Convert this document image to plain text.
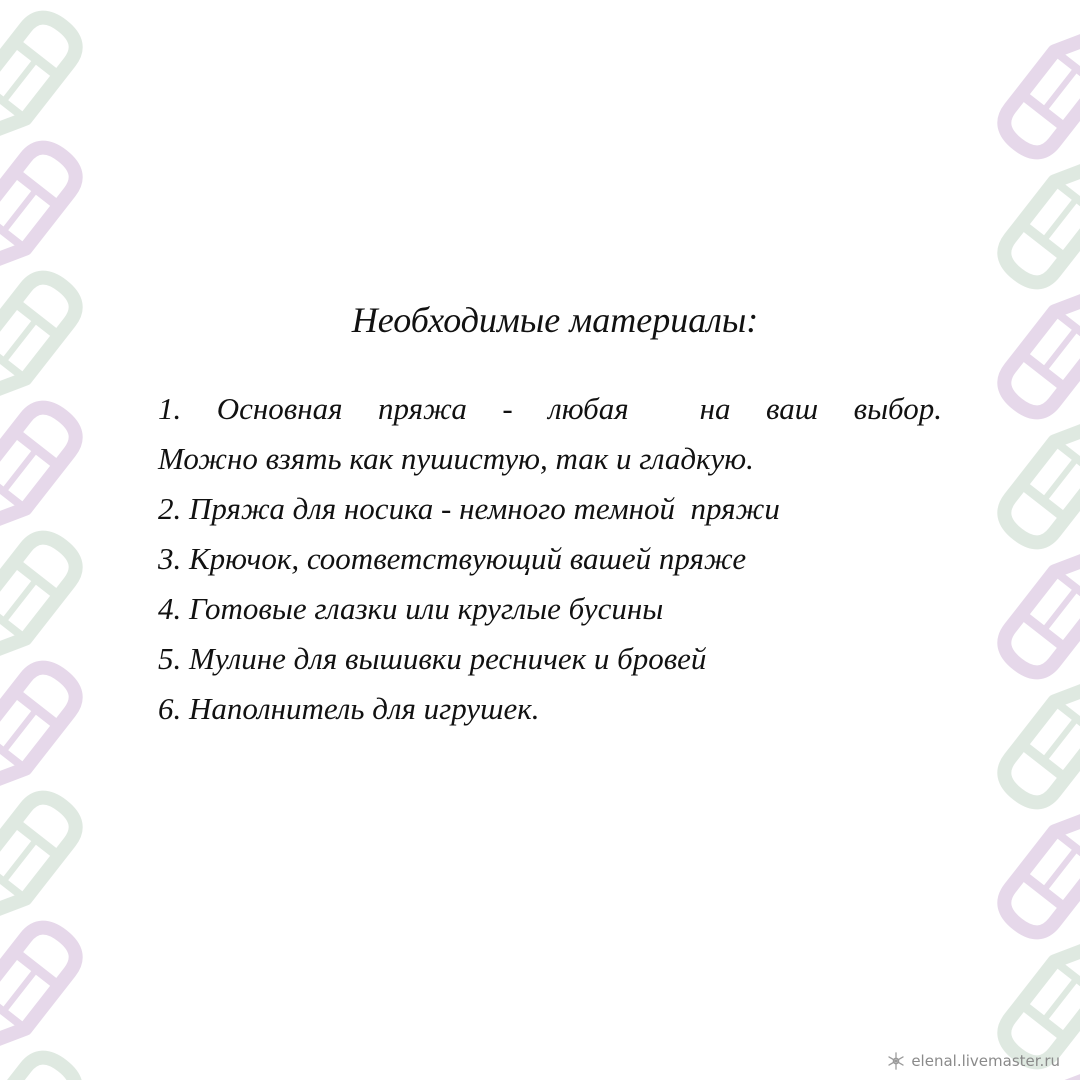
Необходимые материалы:
1.  Основная  пряжа  -  любая    на  ваш  выбор.
Можно взять как пушистую, так и гладкую.
2. Пряжа для носика - немного темной  пряжи
3. Крючок, соответствующий вашей пряже
4. Готовые глазки или круглые бусины
5. Мулине для вышивки ресничек и бровей
6. Наполнитель для игрушек.
elenal.livemaster.ru
